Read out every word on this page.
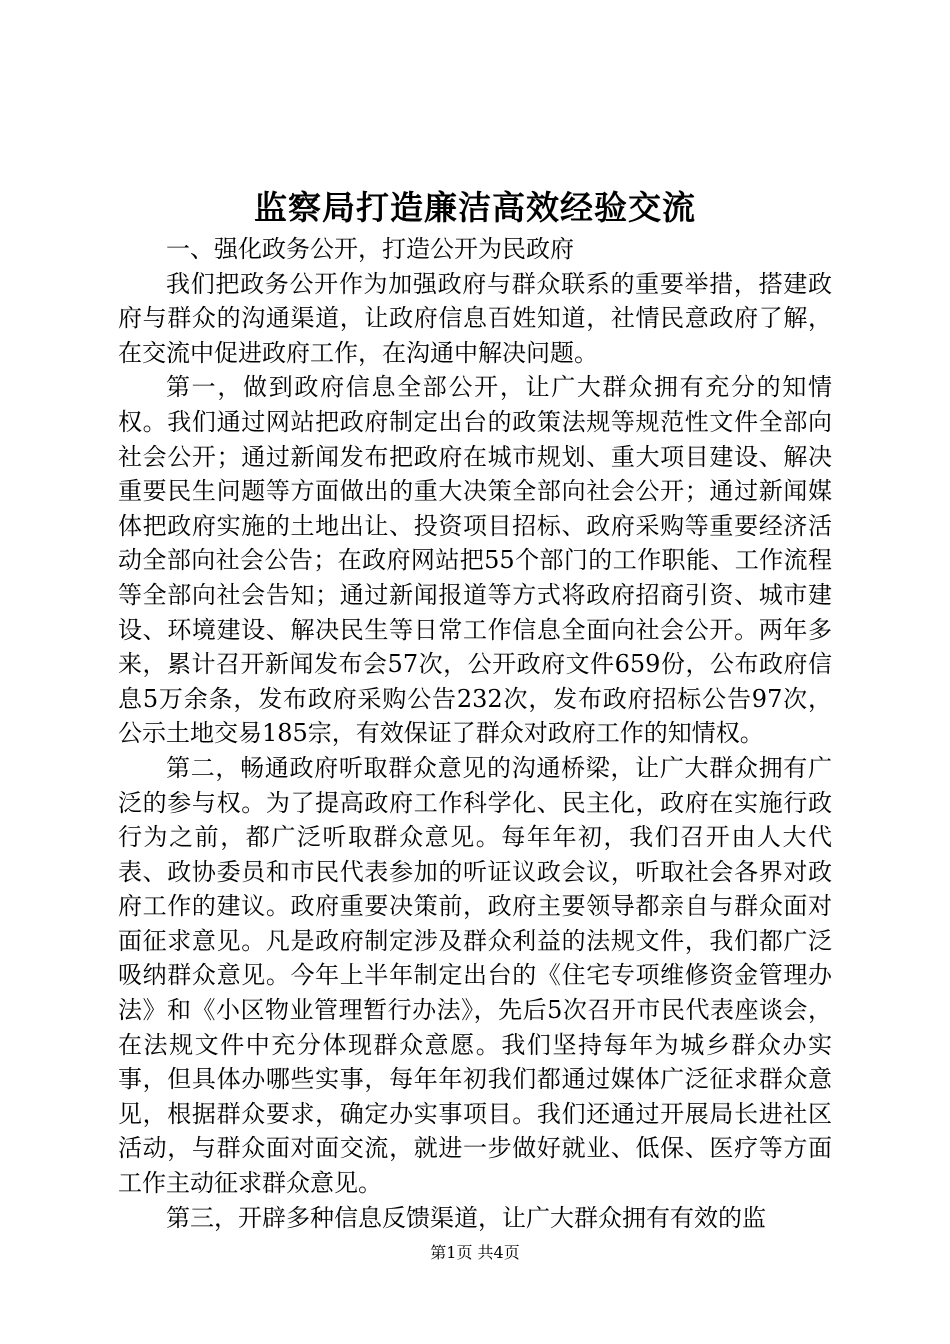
监察局打造廉洁高效经验交流

一、强化政务公开，打造公开为民政府

我们把政务公开作为加强政府与群众联系的重要举措，搭建政府与群众的沟通渠道，让政府信息百姓知道，社情民意政府了解，在交流中促进政府工作，在沟通中解决问题。

第一，做到政府信息全部公开，让广大群众拥有充分的知情权。我们通过网站把政府制定出台的政策法规等规范性文件全部向社会公开；通过新闻发布把政府在城市规划、重大项目建设、解决重要民生问题等方面做出的重大决策全部向社会公开；通过新闻媒体把政府实施的土地出让、投资项目招标、政府采购等重要经济活动全部向社会公告；在政府网站把55个部门的工作职能、工作流程等全部向社会告知；通过新闻报道等方式将政府招商引资、城市建设、环境建设、解决民生等日常工作信息全面向社会公开。两年多来，累计召开新闻发布会57次，公开政府文件659份，公布政府信息5万余条，发布政府采购公告232次，发布政府招标公告97次，公示土地交易185宗，有效保证了群众对政府工作的知情权。

第二，畅通政府听取群众意见的沟通桥梁，让广大群众拥有广泛的参与权。为了提高政府工作科学化、民主化，政府在实施行政行为之前，都广泛听取群众意见。每年年初，我们召开由人大代表、政协委员和市民代表参加的听证议政会议，听取社会各界对政府工作的建议。政府重要决策前，政府主要领导都亲自与群众面对面征求意见。凡是政府制定涉及群众利益的法规文件，我们都广泛吸纳群众意见。今年上半年制定出台的《住宅专项维修资金管理办法》和《小区物业管理暂行办法》，先后5次召开市民代表座谈会，在法规文件中充分体现群众意愿。我们坚持每年为城乡群众办实事，但具体办哪些实事，每年年初我们都通过媒体广泛征求群众意见，根据群众要求，确定办实事项目。我们还通过开展局长进社区活动，与群众面对面交流，就进一步做好就业、低保、医疗等方面工作主动征求群众意见。

第三，开辟多种信息反馈渠道，让广大群众拥有有效的监

第1页 共4页
